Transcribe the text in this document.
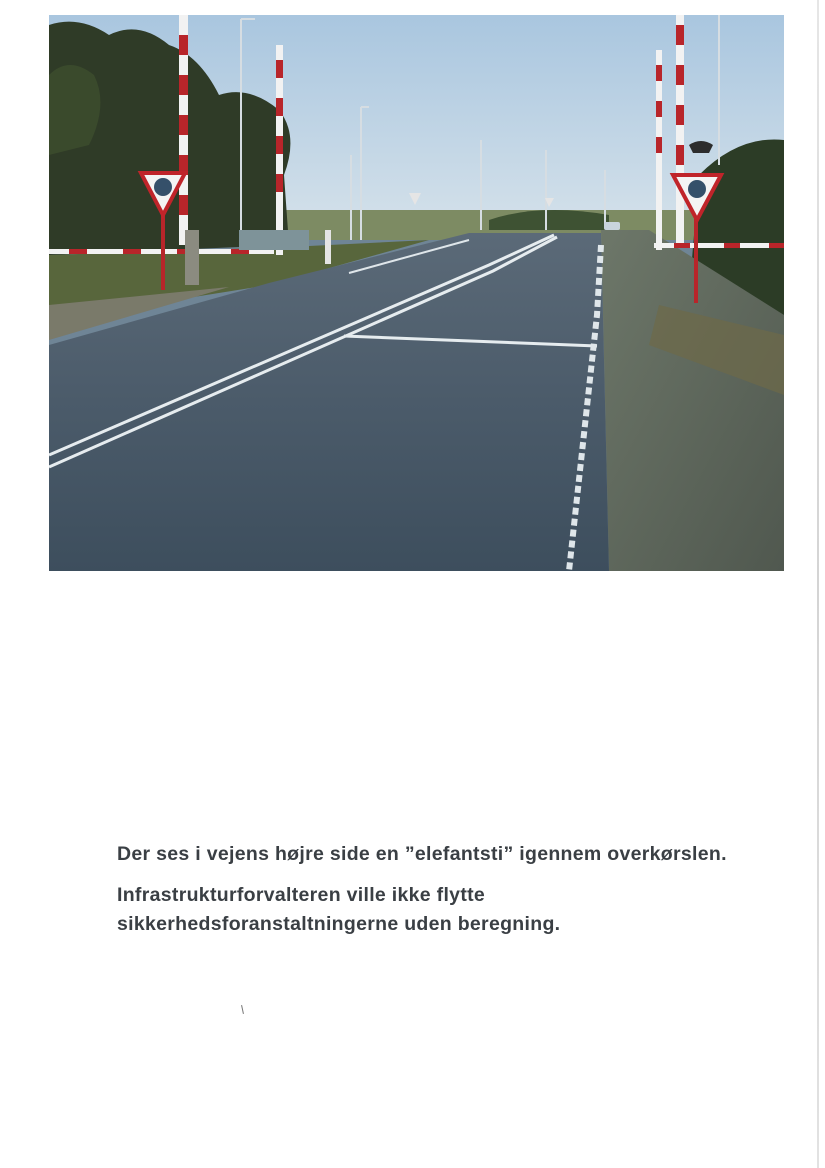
Der ses i vejens højre side en ”elefantsti” igennem overkørslen.

Infrastrukturforvalteren ville ikke flytte sikkerhedsforanstaltningerne uden beregning.
